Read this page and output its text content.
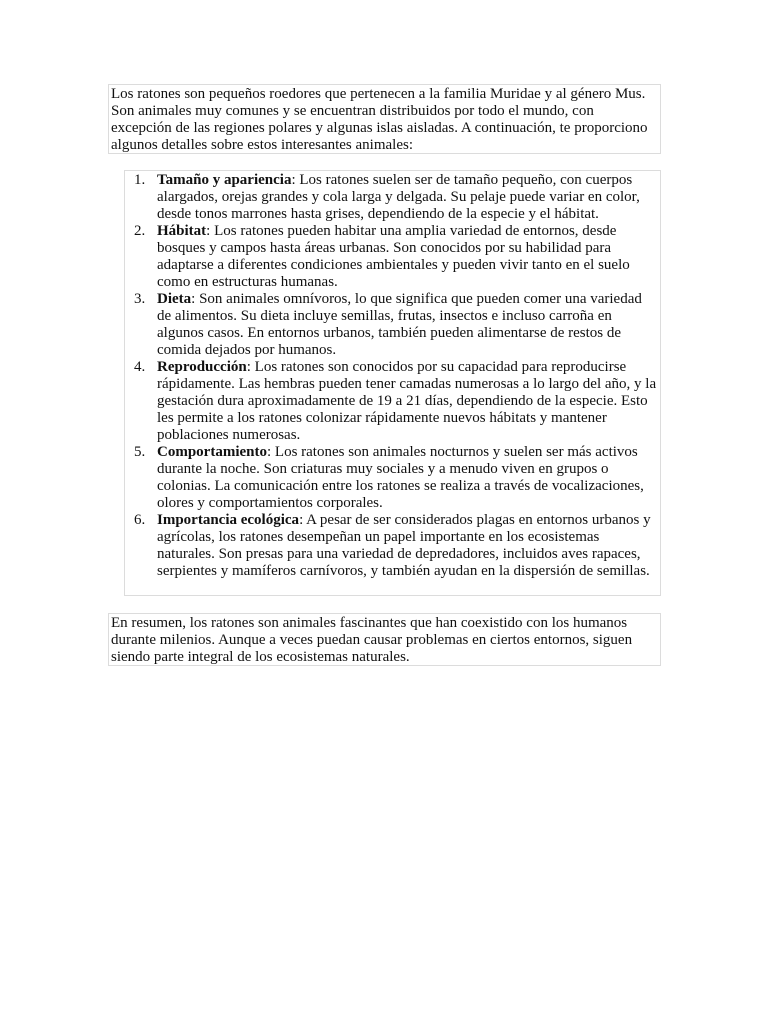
Los ratones son pequeños roedores que pertenecen a la familia Muridae y al género Mus. Son animales muy comunes y se encuentran distribuidos por todo el mundo, con excepción de las regiones polares y algunas islas aisladas. A continuación, te proporciono algunos detalles sobre estos interesantes animales:

1. Tamaño y apariencia: Los ratones suelen ser de tamaño pequeño, con cuerpos alargados, orejas grandes y cola larga y delgada. Su pelaje puede variar en color, desde tonos marrones hasta grises, dependiendo de la especie y el hábitat.
2. Hábitat: Los ratones pueden habitar una amplia variedad de entornos, desde bosques y campos hasta áreas urbanas. Son conocidos por su habilidad para adaptarse a diferentes condiciones ambientales y pueden vivir tanto en el suelo como en estructuras humanas.
3. Dieta: Son animales omnívoros, lo que significa que pueden comer una variedad de alimentos. Su dieta incluye semillas, frutas, insectos e incluso carroña en algunos casos. En entornos urbanos, también pueden alimentarse de restos de comida dejados por humanos.
4. Reproducción: Los ratones son conocidos por su capacidad para reproducirse rápidamente. Las hembras pueden tener camadas numerosas a lo largo del año, y la gestación dura aproximadamente de 19 a 21 días, dependiendo de la especie. Esto les permite a los ratones colonizar rápidamente nuevos hábitats y mantener poblaciones numerosas.
5. Comportamiento: Los ratones son animales nocturnos y suelen ser más activos durante la noche. Son criaturas muy sociales y a menudo viven en grupos o colonias. La comunicación entre los ratones se realiza a través de vocalizaciones, olores y comportamientos corporales.
6. Importancia ecológica: A pesar de ser considerados plagas en entornos urbanos y agrícolas, los ratones desempeñan un papel importante en los ecosistemas naturales. Son presas para una variedad de depredadores, incluidos aves rapaces, serpientes y mamíferos carnívoros, y también ayudan en la dispersión de semillas.

En resumen, los ratones son animales fascinantes que han coexistido con los humanos durante milenios. Aunque a veces puedan causar problemas en ciertos entornos, siguen siendo parte integral de los ecosistemas naturales.
